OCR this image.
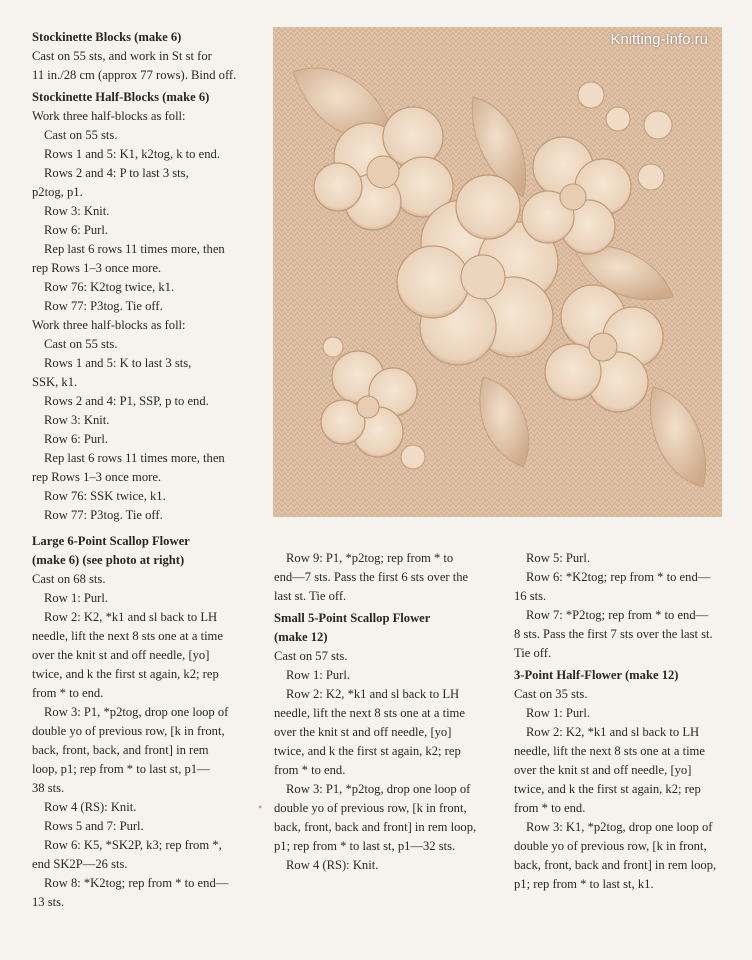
Stockinette Blocks (make 6)

Cast on 55 sts, and work in St st for

11 in./28 cm (approx 77 rows). Bind off.

Stockinette Half-Blocks (make 6)

Work three half-blocks as foll:

Cast on 55 sts.

Rows 1 and 5: K1, k2tog, k to end.

Rows 2 and 4: P to last 3 sts,

p2tog, p1.

Row 3: Knit.

Row 6: Purl.

Rep last 6 rows 11 times more, then

rep Rows 1–3 once more.

Row 76: K2tog twice, k1.

Row 77: P3tog. Tie off.

Work three half-blocks as foll:

Cast on 55 sts.

Rows 1 and 5: K to last 3 sts,

SSK, k1.

Rows 2 and 4: P1, SSP, p to end.

Row 3: Knit.

Row 6: Purl.

Rep last 6 rows 11 times more, then

rep Rows 1–3 once more.

Row 76: SSK twice, k1.

Row 77: P3tog. Tie off.

Knitting-Info.ru

Large 6-Point Scallop Flower

(make 6) (see photo at right)

Cast on 68 sts.

Row 1: Purl.

Row 2: K2, *k1 and sl back to LH

needle, lift the next 8 sts one at a time

over the knit st and off needle, [yo]

twice, and k the first st again, k2; rep

from * to end.

Row 3: P1, *p2tog, drop one loop of

double yo of previous row, [k in front,

back, front, back, and front] in rem

loop, p1; rep from * to last st, p1—

38 sts.

Row 4 (RS): Knit.

Rows 5 and 7: Purl.

Row 6: K5, *SK2P, k3; rep from *,

end SK2P—26 sts.

Row 8: *K2tog; rep from * to end—

13 sts.

Row 9: P1, *p2tog; rep from * to

end—7 sts. Pass the first 6 sts over the

last st. Tie off.

Small 5-Point Scallop Flower

(make 12)

Cast on 57 sts.

Row 1: Purl.

Row 2: K2, *k1 and sl back to LH

needle, lift the next 8 sts one at a time

over the knit st and off needle, [yo]

twice, and k the first st again, k2; rep

from * to end.

Row 3: P1, *p2tog, drop one loop of

double yo of previous row, [k in front,

back, front, back and front] in rem loop,

p1; rep from * to last st, p1—32 sts.

Row 4 (RS): Knit.

Row 5: Purl.

Row 6: *K2tog; rep from * to end—

16 sts.

Row 7: *P2tog; rep from * to end—

8 sts. Pass the first 7 sts over the last st.

Tie off.

3-Point Half-Flower (make 12)

Cast on 35 sts.

Row 1: Purl.

Row 2: K2, *k1 and sl back to LH

needle, lift the next 8 sts one at a time

over the knit st and off needle, [yo]

twice, and k the first st again, k2; rep

from * to end.

Row 3: K1, *p2tog, drop one loop of

double yo of previous row, [k in front,

back, front, back and front] in rem loop,

p1; rep from * to last st, k1.

•
